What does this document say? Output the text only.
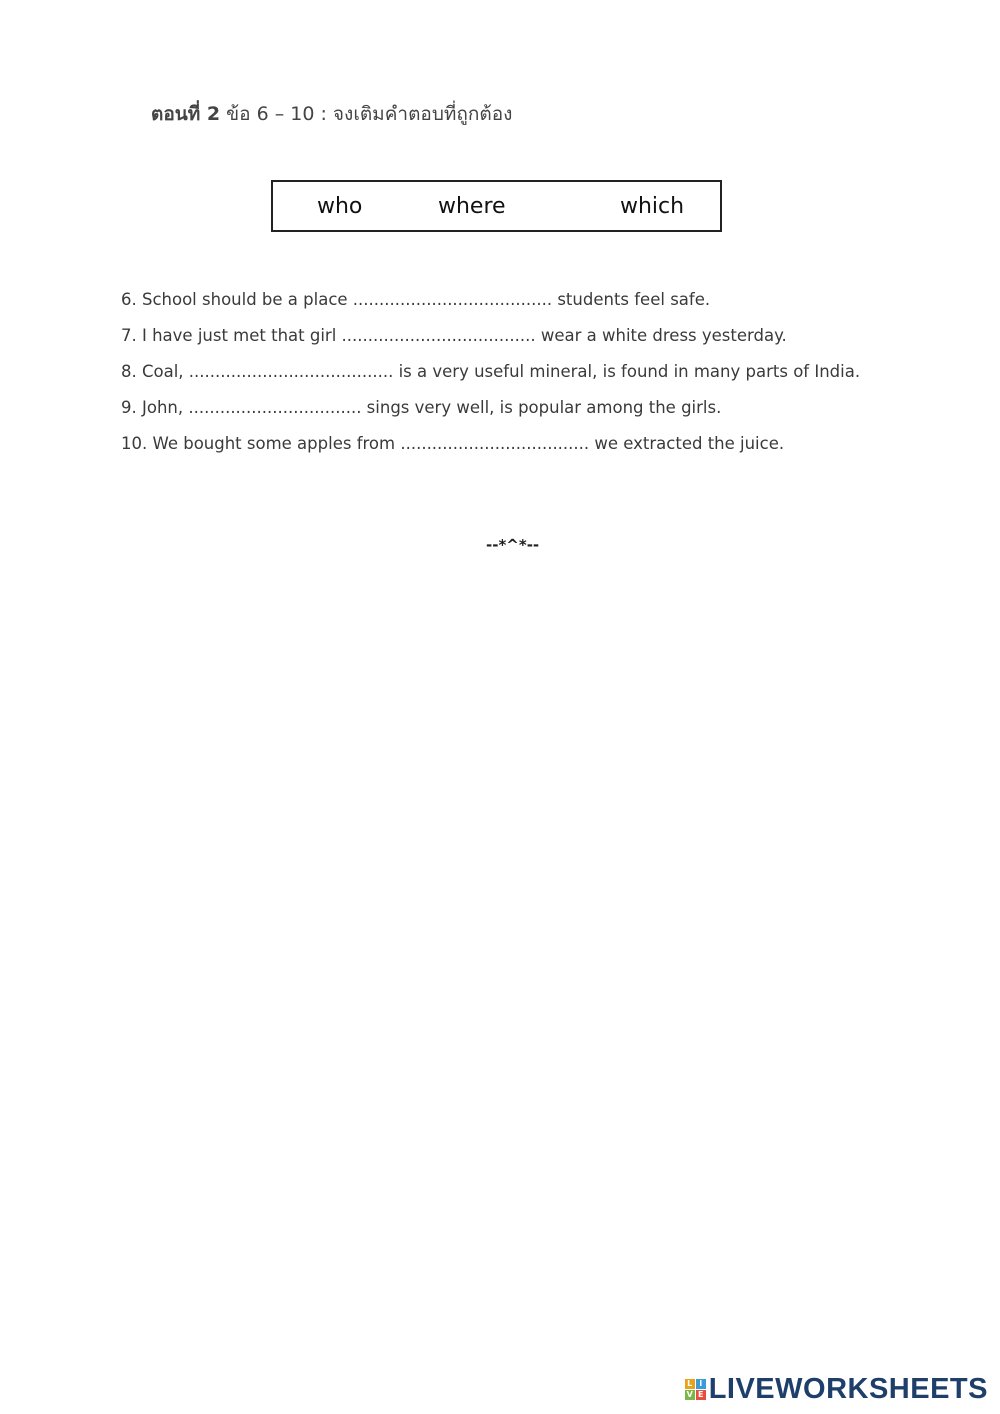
ตอนที่ 2 ข้อ 6 – 10 : จงเติมคำตอบที่ถูกต้อง
who	where	which
6. School should be a place ...................................... students feel safe.
7. I have just met that girl ..................................... wear a white dress yesterday.
8. Coal, ....................................... is a very useful mineral, is found in many parts of India.
9. John, ................................. sings very well, is popular among the girls.
10. We bought some apples from .................................... we extracted the juice.
--*^*--
L I
V E LIVEWORKSHEETS
